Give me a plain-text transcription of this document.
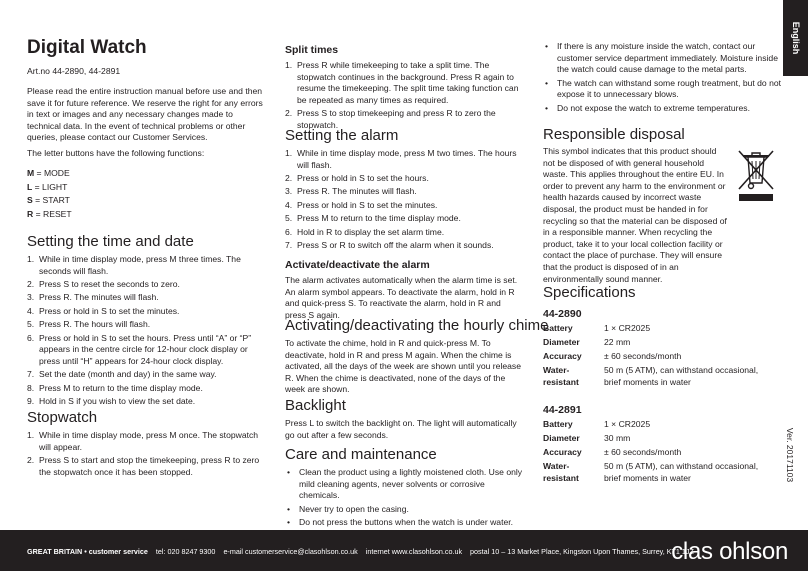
English
Digital Watch

Art.no 44-2890, 44-2891

Please read the entire instruction manual before use and then save it for future reference. We reserve the right for any errors in text or images and any necessary changes made to technical data. In the event of technical problems or other queries, please contact our Customer Services.

The letter buttons have the following functions:

M = MODE
L = LIGHT
S = START
R = RESET
Setting the time and date
1. While in time display mode, press M three times. The seconds will flash.
2. Press S to reset the seconds to zero.
3. Press R. The minutes will flash.
4. Press or hold in S to set the minutes.
5. Press R. The hours will flash.
6. Press or hold in S to set the hours. Press until “A” or “P” appears in the centre circle for 12-hour clock display or press until “H” appears for 24-hour clock display.
7. Set the date (month and day) in the same way.
8. Press M to return to the time display mode.
9. Hold in S if you wish to view the set date.
Stopwatch
1. While in time display mode, press M once. The stopwatch will appear.
2. Press S to start and stop the timekeeping, press R to zero the stopwatch once it has been stopped.
Split times
1. Press R while timekeeping to take a split time. The stopwatch continues in the background. Press R again to resume the timekeeping. The split time taking function can be repeated as many times as required.
2. Press S to stop timekeeping and press R to zero the stopwatch.
Setting the alarm
1. While in time display mode, press M two times. The hours will flash.
2. Press or hold in S to set the hours.
3. Press R. The minutes will flash.
4. Press or hold in S to set the minutes.
5. Press M to return to the time display mode.
6. Hold in R to display the set alarm time.
7. Press S or R to switch off the alarm when it sounds.
Activate/deactivate the alarm

The alarm activates automatically when the alarm time is set. An alarm symbol appears. To deactivate the alarm, hold in R and quick-press S. To reactivate the alarm, hold in R and press S again.

Activating/deactivating the hourly chime

To activate the chime, hold in R and quick-press M. To deactivate, hold in R and press M again. When the chime is activated, all the days of the week are shown until you release R. When the chime is deactivated, none of the days of the week are shown.

Backlight

Press L to switch the backlight on. The light will automatically go out after a few seconds.

Care and maintenance
• Clean the product using a lightly moistened cloth. Use only mild cleaning agents, never solvents or corrosive chemicals.
• Never try to open the casing.
• Do not press the buttons when the watch is under water.
• If there is any moisture inside the watch, contact our customer service department immediately. Moisture inside the watch could cause damage to the metal parts.
• The watch can withstand some rough treatment, but do not expose it to unnecessary blows.
• Do not expose the watch to extreme temperatures.
Responsible disposal

This symbol indicates that this product should not be disposed of with general household waste. This applies throughout the entire EU. In order to prevent any harm to the environment or health hazards caused by incorrect waste disposal, the product must be handed in for recycling so that the material can be disposed of in a responsible manner. When recycling the product, take it to your local collection facility or contact the place of purchase. They will ensure that the product is disposed of in an environmentally sound manner.

Specifications

44-2890

Battery	1 × CR2025
Diameter	22 mm
Accuracy	± 60 seconds/month
Water-resistant	50 m (5 ATM), can withstand occasional, brief moments in water

44-2891

Battery	1 × CR2025
Diameter	30 mm
Accuracy	± 60 seconds/month
Water-resistant	50 m (5 ATM), can withstand occasional, brief moments in water	Ver. 20171103
GREAT BRITAIN • customer service tel: 020 8247 9300 e-mail customerservice@clasohlson.co.uk internet www.clasohlson.co.uk postal 10 – 13 Market Place, Kingston Upon Thames, Surrey, KT1 1JZ
clas ohlson
